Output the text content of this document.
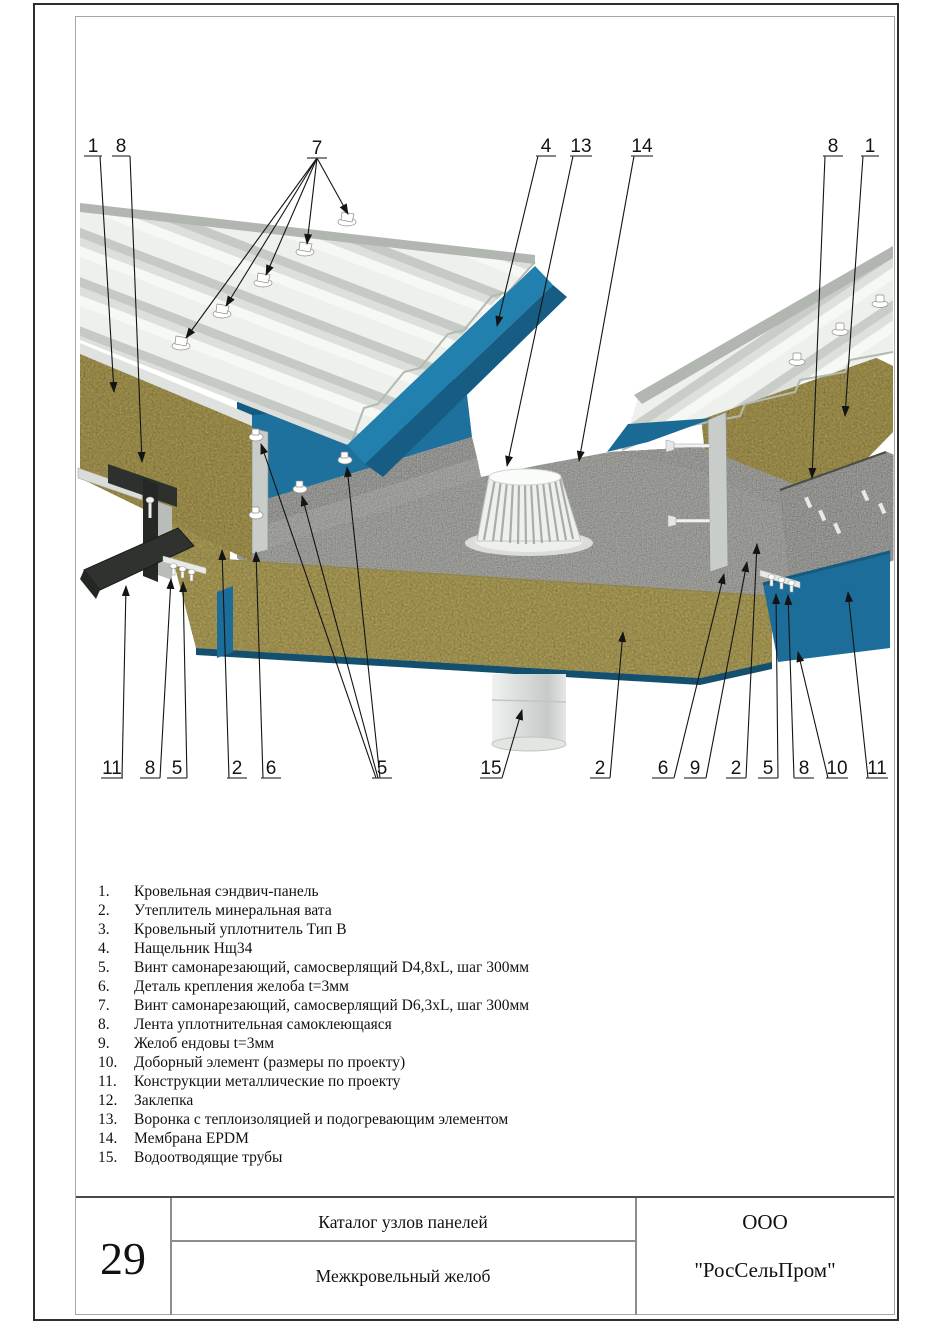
1 8	7	4 13 14	8 1
11 8 5	2 6	5	15	2	6 9 2 5 8 10 11
1.	Кровельная сэндвич-панель
2.	Утеплитель минеральная вата
3.	Кровельный уплотнитель Тип В
4.	Нащельник Нщ34
5.	Винт самонарезающий, самосверлящий D4,8хL, шаг 300мм
6.	Деталь крепления желоба t=3мм
7.	Винт самонарезающий, самосверлящий D6,3хL, шаг 300мм
8.	Лента уплотнительная самоклеющаяся
9.	Желоб ендовы t=3мм
10.	Доборный элемент (размеры по проекту)
11.	Конструкции металлические по проекту
12.	Заклепка
13.	Воронка с теплоизоляцией и подогревающим элементом
14.	Мембрана EPDM
15.	Водоотводящие трубы
29
Каталог узлов панелей
Межкровельный желоб
ООО
"РосСельПром"
